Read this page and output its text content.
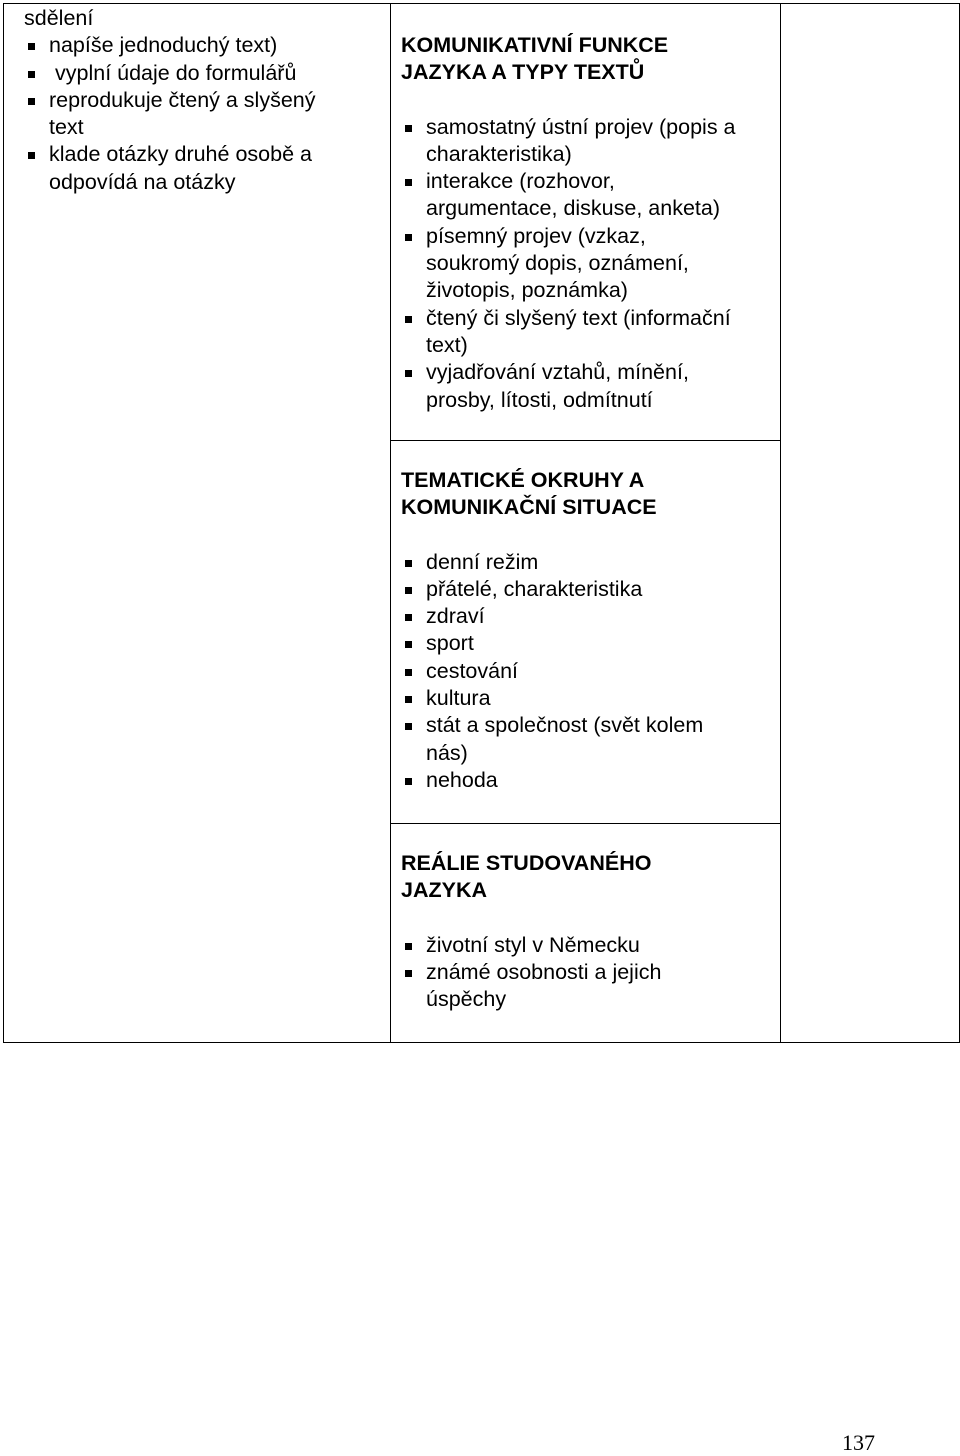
sdělení
napíše jednoduchý text)
vyplní údaje do formulářů
reprodukuje čtený a slyšený
text
klade otázky druhé osobě a
odpovídá na otázky
KOMUNIKATIVNÍ FUNKCE
JAZYKA A TYPY TEXTŮ
samostatný ústní projev (popis a
charakteristika)
interakce (rozhovor,
argumentace, diskuse, anketa)
písemný projev (vzkaz,
soukromý dopis, oznámení,
životopis, poznámka)
čtený či slyšený text (informační
text)
vyjadřování vztahů, mínění,
prosby, lítosti, odmítnutí
TEMATICKÉ OKRUHY A
KOMUNIKAČNÍ SITUACE
denní režim
přátelé, charakteristika
zdraví
sport
cestování
kultura
stát a společnost (svět kolem
nás)
nehoda
REÁLIE STUDOVANÉHO
JAZYKA
životní styl v Německu
známé osobnosti a jejich
úspěchy
137
